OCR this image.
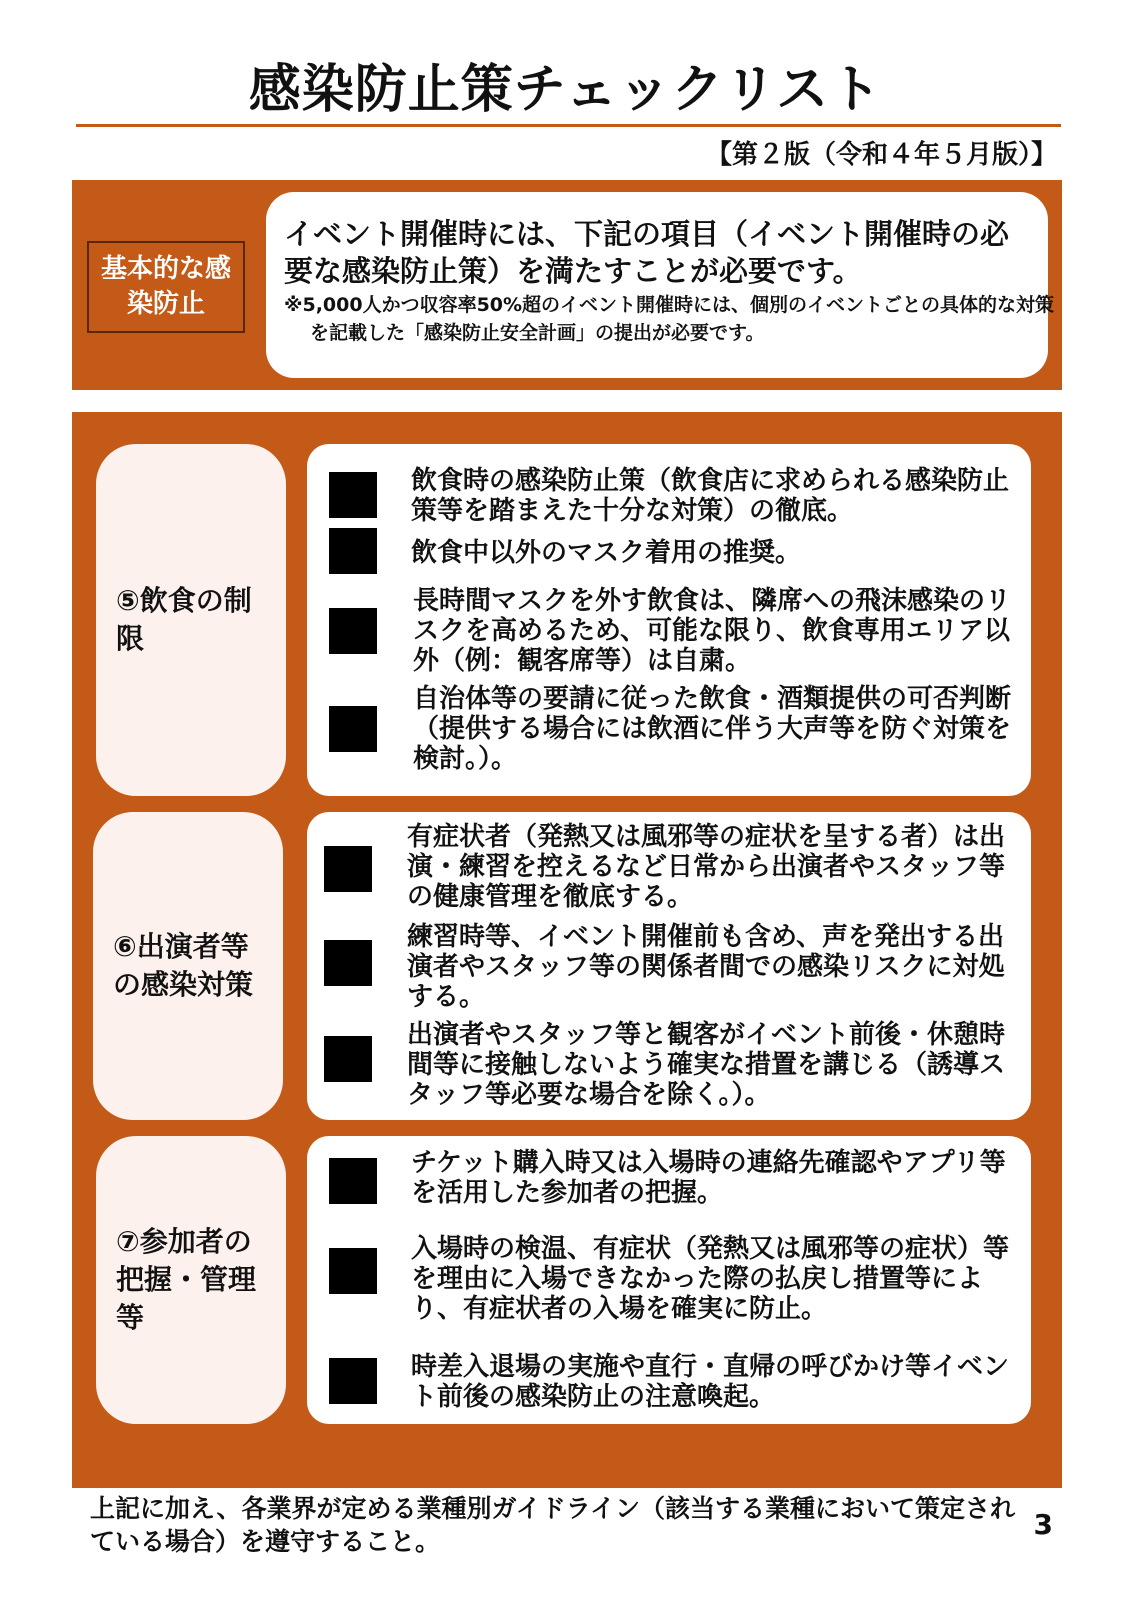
感染防止策チェックリスト
【第２版（令和４年５月版）】
基本的な感染防止
イベント開催時には、下記の項目（イベント開催時の必要な感染防止策）を満たすことが必要です。
※5,000人かつ収容率50%超のイベント開催時には、個別のイベントごとの具体的な対策を記載した「感染防止安全計画」の提出が必要です。
⑤飲食の制限
飲食時の感染防止策（飲食店に求められる感染防止策等を踏まえた十分な対策）の徹底。
飲食中以外のマスク着用の推奨。
長時間マスクを外す飲食は、隣席への飛沫感染のリスクを高めるため、可能な限り、飲食専用エリア以外（例：観客席等）は自粛。
自治体等の要請に従った飲食・酒類提供の可否判断（提供する場合には飲酒に伴う大声等を防ぐ対策を検討。）。
⑥出演者等の感染対策
有症状者（発熱又は風邪等の症状を呈する者）は出演・練習を控えるなど日常から出演者やスタッフ等の健康管理を徹底する。
練習時等、イベント開催前も含め、声を発出する出演者やスタッフ等の関係者間での感染リスクに対処する。
出演者やスタッフ等と観客がイベント前後・休憩時間等に接触しないよう確実な措置を講じる（誘導スタッフ等必要な場合を除く。）。
⑦参加者の把握・管理等
チケット購入時又は入場時の連絡先確認やアプリ等を活用した参加者の把握。
入場時の検温、有症状（発熱又は風邪等の症状）等を理由に入場できなかった際の払戻し措置等により、有症状者の入場を確実に防止。
時差入退場の実施や直行・直帰の呼びかけ等イベント前後の感染防止の注意喚起。
上記に加え、各業界が定める業種別ガイドライン（該当する業種において策定されている場合）を遵守すること。	3
